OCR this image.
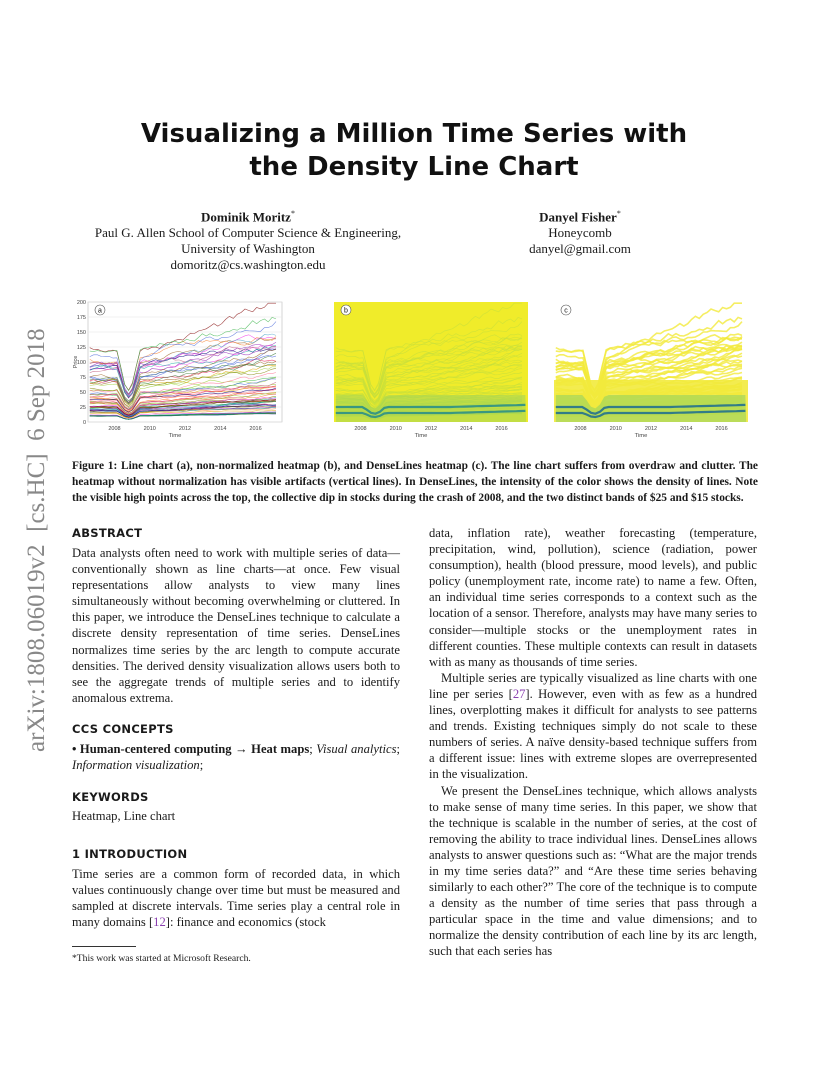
arXiv:1808.06019v2  [cs.HC]  6 Sep 2018
Visualizing a Million Time Series with
the Density Line Chart
Dominik Moritz*
Paul G. Allen School of Computer Science & Engineering,
University of Washington
domoritz@cs.washington.edu
Danyel Fisher*
Honeycomb
danyel@gmail.com
a
200
175
150
125
100
75
50
25
0
Price
2008	2010	2012	2014	2016
Time
b
2008	2010	2012	2014	2016
Time
c
2008	2010	2012	2014	2016
Time
Figure 1: Line chart (a), non-normalized heatmap (b), and DenseLines heatmap (c). The line chart suffers from overdraw and clutter. The heatmap without normalization has visible artifacts (vertical lines). In DenseLines, the intensity of the color shows the density of lines. Note the visible high points across the top, the collective dip in stocks during the crash of 2008, and the two distinct bands of $25 and $15 stocks.
ABSTRACT

Data analysts often need to work with multiple series of data—conventionally shown as line charts—at once. Few visual representations allow analysts to view many lines simultaneously without becoming overwhelming or cluttered. In this paper, we introduce the DenseLines technique to calculate a discrete density representation of time series. DenseLines normalizes time series by the arc length to compute accurate densities. The derived density visualization allows users both to see the aggregate trends of multiple series and to identify anomalous extrema.

CCS CONCEPTS

• Human-centered computing → Heat maps; Visual analytics; Information visualization;

KEYWORDS
Heatmap, Line chart
1 INTRODUCTION

Time series are a common form of recorded data, in which values continuously change over time but must be measured and sampled at discrete intervals. Time series play a central role in many domains [12]: finance and economics (stock

*This work was started at Microsoft Research.

data, inflation rate), weather forecasting (temperature, precipitation, wind, pollution), science (radiation, power consumption), health (blood pressure, mood levels), and public policy (unemployment rate, income rate) to name a few. Often, an individual time series corresponds to a context such as the location of a sensor. Therefore, analysts may have many series to consider—multiple stocks or the unemployment rates in different counties. These multiple contexts can result in datasets with as many as thousands of time series.

Multiple series are typically visualized as line charts with one line per series [27]. However, even with as few as a hundred lines, overplotting makes it difficult for analysts to see patterns and trends. Existing techniques simply do not scale to these numbers of series. A naïve density-based technique suffers from a different issue: lines with extreme slopes are overrepresented in the visualization.

We present the DenseLines technique, which allows analysts to make sense of many time series. In this paper, we show that the technique is scalable in the number of series, at the cost of removing the ability to trace individual lines. DenseLines allows analysts to answer questions such as: “What are the major trends in my time series data?” and “Are these time series behaving similarly to each other?” The core of the technique is to compute a density as the number of time series that pass through a particular space in the time and value dimensions; and to normalize the density contribution of each line by its arc length, such that each series has
